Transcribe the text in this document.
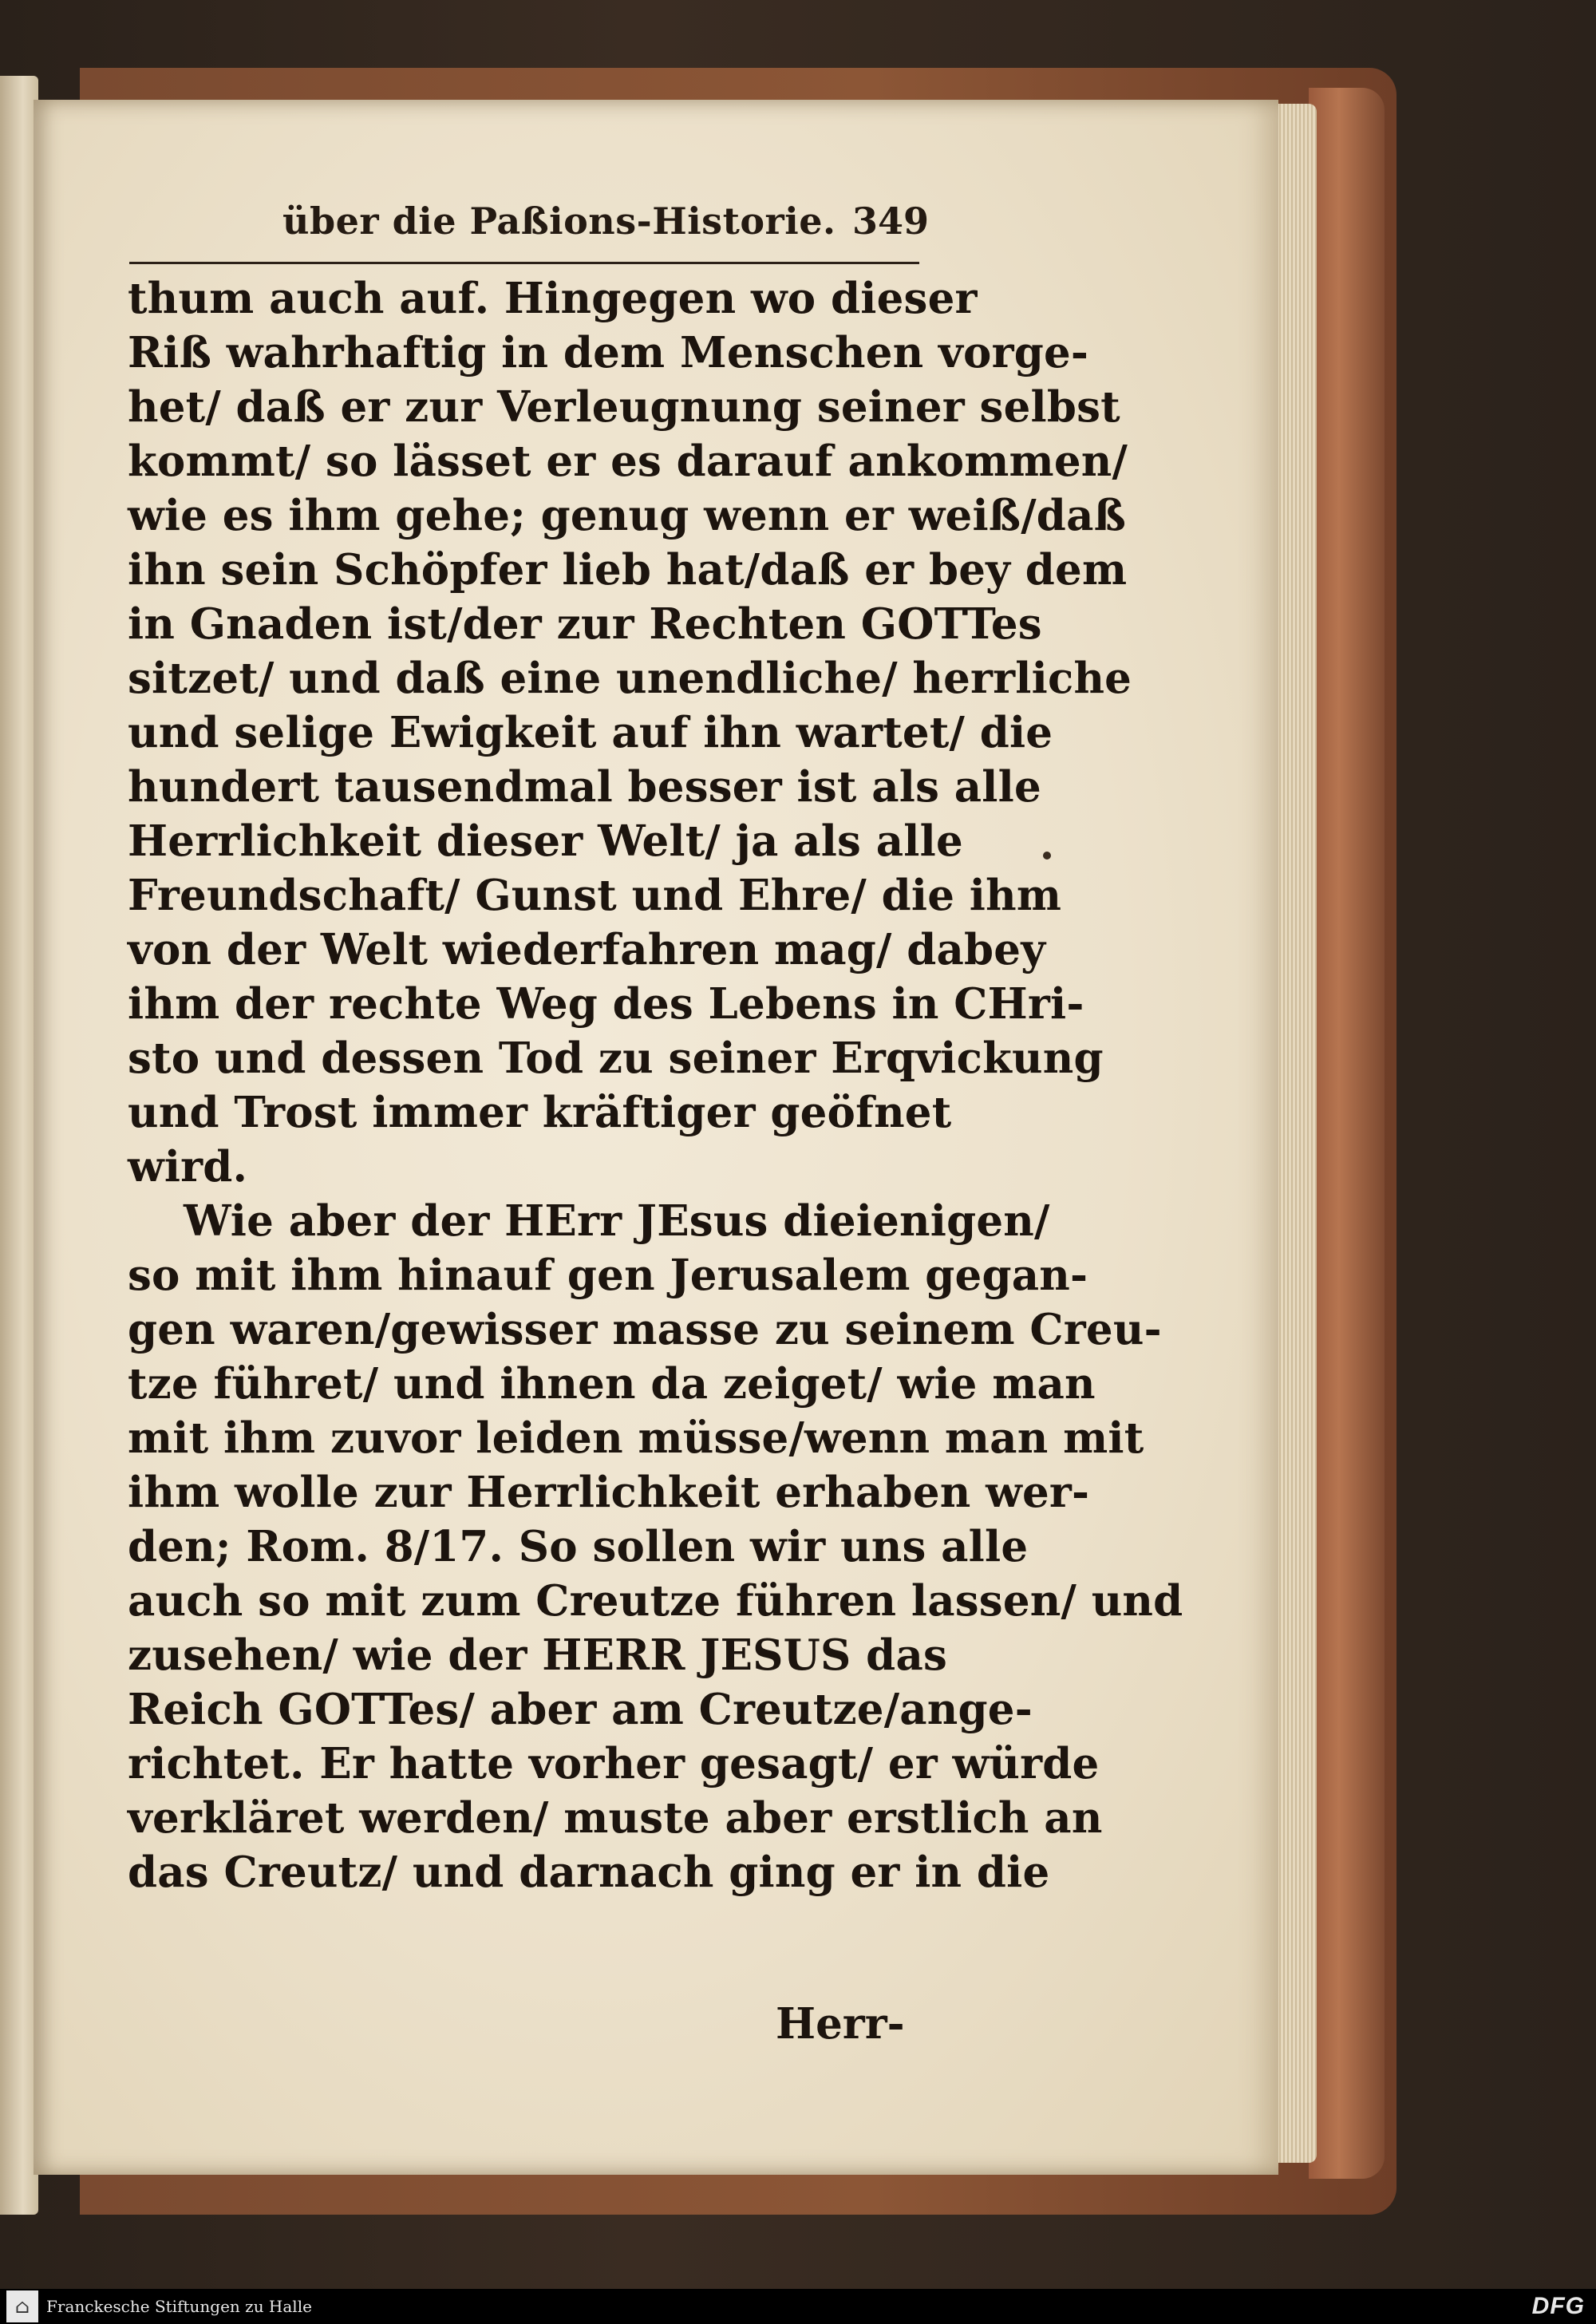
über die Paßions-Historie. 349
thum auch auf. Hingegen wo dieser
Riß wahrhaftig in dem Menschen vorge-
het/ daß er zur Verleugnung seiner selbst
kommt/ so lässet er es darauf ankommen/
wie es ihm gehe; genug wenn er weiß/daß
ihn sein Schöpfer lieb hat/daß er bey dem
in Gnaden ist/der zur Rechten GOTTes
sitzet/ und daß eine unendliche/ herrliche
und selige Ewigkeit auf ihn wartet/ die
hundert tausendmal besser ist als alle
Herrlichkeit dieser Welt/ ja als alle
Freundschaft/ Gunst und Ehre/ die ihm
von der Welt wiederfahren mag/ dabey
ihm der rechte Weg des Lebens in CHri-
sto und dessen Tod zu seiner Erqvickung
und Trost immer kräftiger geöfnet
wird.
Wie aber der HErr JEsus dieienigen/
so mit ihm hinauf gen Jerusalem gegan-
gen waren/gewisser masse zu seinem Creu-
tze führet/ und ihnen da zeiget/ wie man
mit ihm zuvor leiden müsse/wenn man mit
ihm wolle zur Herrlichkeit erhaben wer-
den; Rom. 8/17. So sollen wir uns alle
auch so mit zum Creutze führen lassen/ und
zusehen/ wie der HERR JESUS das
Reich GOTTes/ aber am Creutze/ange-
richtet. Er hatte vorher gesagt/ er würde
verkläret werden/ muste aber erstlich an
das Creutz/ und darnach ging er in die
Herr-
⌂	Franckesche Stiftungen zu Halle	DFG
